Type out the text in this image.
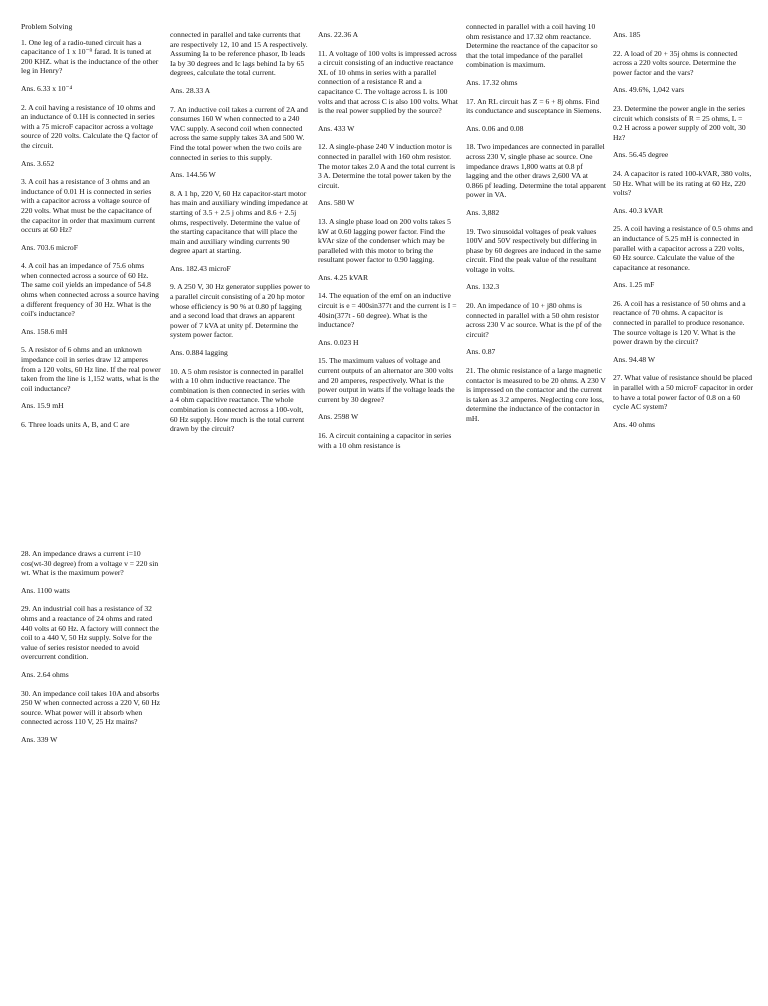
Problem Solving

1. One leg of a radio-tuned circuit has a capacitance of 1 x 10⁻⁹ farad. It is tuned at 200 KHZ. what is the inductance of the other leg in Henry?

Ans. 6.33 x 10⁻⁴

2. A coil having a resistance of 10 ohms and an inductance of 0.1H is connected in series with a 75 microF capacitor across a voltage source of 220 volts. Calculate the Q factor of the circuit.

Ans. 3.652

3. A coil has a resistance of 3 ohms and an inductance of 0.01 H is connected in series with a capacitor across a voltage source of 220 volts. What must be the capacitance of the capacitor in order that maximum current occurs at 60 Hz?

Ans. 703.6 microF

4. A coil has an impedance of 75.6 ohms when connected across a source of 60 Hz. The same coil yields an impedance of 54.8 ohms when connected across a source having a different frequency of 30 Hz. What is the coil's inductance?

Ans. 158.6 mH

5. A resistor of 6 ohms and an unknown impedance coil in series draw 12 amperes from a 120 volts, 60 Hz line. If the real power taken from the line is 1,152 watts, what is the coil inductance?

Ans. 15.9 mH

6. Three loads units A, B, and C are

connected in parallel and take currents that are respectively 12, 10 and 15 A respectively. Assuming Ia to be reference phasor, Ib leads Ia by 30 degrees and Ic lags behind Ia by 65 degrees, calculate the total current.

Ans. 28.33 A

7. An inductive coil takes a current of 2A and consumes 160 W when connected to a 240 VAC supply. A second coil when connected across the same supply takes 3A and 500 W. Find the total power when the two coils are connected in series to this supply.

Ans. 144.56 W

8. A 1 hp, 220 V, 60 Hz capacitor-start motor has main and auxiliary winding impedance at starting of 3.5 + 2.5 j ohms and 8.6 + 2.5j ohms, respectively. Determine the value of the starting capacitance that will place the main and auxiliary winding currents 90 degree apart at starting.

Ans. 182.43 microF

9. A 250 V, 30 Hz generator supplies power to a parallel circuit consisting of a 20 hp motor whose efficiency is 90 % at 0.80 pf lagging and a second load that draws an apparent power of 7 kVA at unity pf. Determine the system power factor.

Ans. 0.884 lagging

10. A 5 ohm resistor is connected in parallel with a 10 ohm inductive reactance. The combination is then connected in series with a 4 ohm capacitive reactance. The whole combination is connected across a 100-volt, 60 Hz supply. How much is the total current drawn by the circuit?

Ans. 22.36 A

11. A voltage of 100 volts is impressed across a circuit consisting of an inductive reactance XL of 10 ohms in series with a parallel connection of a resistance R and a capacitance C. The voltage across L is 100 volts and that across C is also 100 volts. What is the real power supplied by the source?

Ans. 433 W

12. A single-phase 240 V induction motor is connected in parallel with 160 ohm resistor. The motor takes 2.0 A and the total current is 3 A. Determine the total power taken by the circuit.

Ans. 580 W

13. A single phase load on 200 volts takes 5 kW at 0.60 lagging power factor. Find the kVAr size of the condenser which may be paralleled with this motor to bring the resultant power factor to 0.90 lagging.

Ans. 4.25 kVAR

14. The equation of the emf on an inductive circuit is e = 400sin377t and the current is I = 40sin(377t - 60 degree). What is the inductance?

Ans. 0.023 H

15. The maximum values of voltage and current outputs of an alternator are 300 volts and 20 amperes, respectively. What is the power output in watts if the voltage leads the current by 30 degree?

Ans. 2598 W

16. A circuit containing a capacitor in series with a 10 ohm resistance is

connected in parallel with a coil having 10 ohm resistance and 17.32 ohm reactance. Determine the reactance of the capacitor so that the total impedance of the parallel combination is maximum.

Ans. 17.32 ohms

17. An RL circuit has Z = 6 + 8j ohms. Find its conductance and susceptance in Siemens.

Ans. 0.06 and 0.08

18. Two impedances are connected in parallel across 230 V, single phase ac source. One impedance draws 1,800 watts at 0.8 pf lagging and the other draws 2,600 VA at 0.866 pf leading. Determine the total apparent power in VA.

Ans. 3,882

19. Two sinusoidal voltages of peak values 100V and 50V respectively but differing in phase by 60 degrees are induced in the same circuit. Find the peak value of the resultant voltage in volts.

Ans. 132.3

20. An impedance of 10 + j80 ohms is connected in parallel with a 50 ohm resistor across 230 V ac source. What is the pf of the circuit?

Ans. 0.87

21. The ohmic resistance of a large magnetic contactor is measured to be 20 ohms. A 230 V is impressed on the contactor and the current is taken as 3.2 amperes. Neglecting core loss, determine the inductance of the contactor in mH.

Ans. 185

22. A load of 20 + 35j ohms is connected across a 220 volts source. Determine the power factor and the vars?

Ans. 49.6%, 1,042 vars

23. Determine the power angle in the series circuit which consists of R = 25 ohms, L = 0.2 H across a power supply of 200 volt, 30 Hz?

Ans. 56.45 degree

24. A capacitor is rated 100-kVAR, 380 volts, 50 Hz. What will be its rating at 60 Hz, 220 volts?

Ans. 40.3 kVAR

25. A coil having a resistance of 0.5 ohms and an inductance of 5.25 mH is connected in parallel with a capacitor across a 220 volts, 60 Hz source. Calculate the value of the capacitance at resonance.

Ans. 1.25 mF

26. A coil has a resistance of 50 ohms and a reactance of 70 ohms. A capacitor is connected in parallel to produce resonance. The source voltage is 120 V. What is the power drawn by the circuit?

Ans. 94.48 W

27. What value of resistance should be placed in parallel with a 50 microF capacitor in order to have a total power factor of 0.8 on a 60 cycle AC system?

Ans. 40 ohms

28. An impedance draws a current i=10 cos(wt-30 degree) from a voltage v = 220 sin wt. What is the maximum power?

Ans. 1100 watts

29. An industrial coil has a resistance of 32 ohms and a reactance of 24 ohms and rated 440 volts at 60 Hz. A factory will connect the coil to a 440 V, 50 Hz supply. Solve for the value of series resistor needed to avoid overcurrent condition.

Ans. 2.64 ohms

30. An impedance coil takes 10A and absorbs 250 W when connected across a 220 V, 60 Hz source. What power will it absorb when connected across 110 V, 25 Hz mains?

Ans. 339 W
